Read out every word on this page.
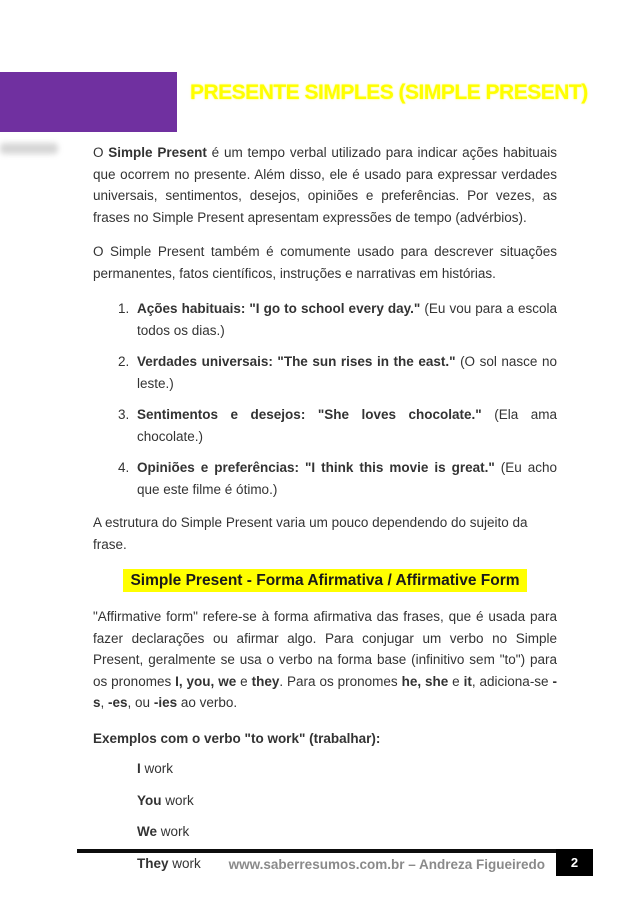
PRESENTE SIMPLES (SIMPLE PRESENT)

O Simple Present é um tempo verbal utilizado para indicar ações habituais que ocorrem no presente. Além disso, ele é usado para expressar verdades universais, sentimentos, desejos, opiniões e preferências. Por vezes, as frases no Simple Present apresentam expressões de tempo (advérbios).

O Simple Present também é comumente usado para descrever situações permanentes, fatos científicos, instruções e narrativas em histórias.

1. Ações habituais: "I go to school every day." (Eu vou para a escola todos os dias.)
2. Verdades universais: "The sun rises in the east." (O sol nasce no leste.)
3. Sentimentos e desejos: "She loves chocolate." (Ela ama chocolate.)
4. Opiniões e preferências: "I think this movie is great." (Eu acho que este filme é ótimo.)

A estrutura do Simple Present varia um pouco dependendo do sujeito da frase.

Simple Present - Forma Afirmativa / Affirmative Form

"Affirmative form" refere-se à forma afirmativa das frases, que é usada para fazer declarações ou afirmar algo. Para conjugar um verbo no Simple Present, geralmente se usa o verbo na forma base (infinitivo sem "to") para os pronomes I, you, we e they. Para os pronomes he, she e it, adiciona-se -s, -es, ou -ies ao verbo.

Exemplos com o verbo "to work" (trabalhar):

I work

You work

We work

They work	www.saberresumos.com.br – Andreza Figueiredo 2
